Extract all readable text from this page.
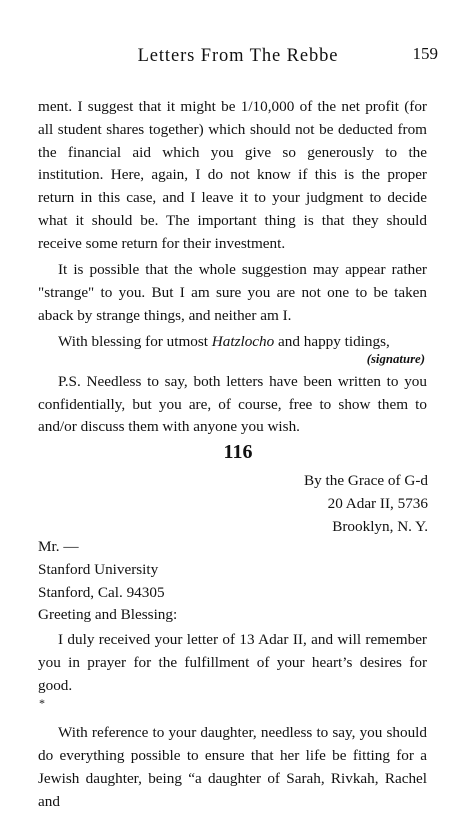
Letters From The Rebbe	159

ment. I suggest that it might be 1/10,000 of the net profit (for all student shares together) which should not be deducted from the financial aid which you give so generously to the institution. Here, again, I do not know if this is the proper return in this case, and I leave it to your judgment to decide what it should be. The important thing is that they should receive some return for their investment.

It is possible that the whole suggestion may appear rather "strange" to you. But I am sure you are not one to be taken aback by strange things, and neither am I.

With blessing for utmost Hatzlocho and happy tidings,

(signature)

P.S. Needless to say, both letters have been written to you confidentially, but you are, of course, free to show them to and/or discuss them with anyone you wish.

116
By the Grace of G-d
20 Adar II, 5736
Brooklyn, N. Y.
Mr. —
Stanford University
Stanford, Cal. 94305
Greeting and Blessing:

I duly received your letter of 13 Adar II, and will remember you in prayer for the fulfillment of your heart’s desires for good.

*

With reference to your daughter, needless to say, you should do everything possible to ensure that her life be fitting for a Jewish daughter, being “a daughter of Sarah, Rivkah, Rachel and
